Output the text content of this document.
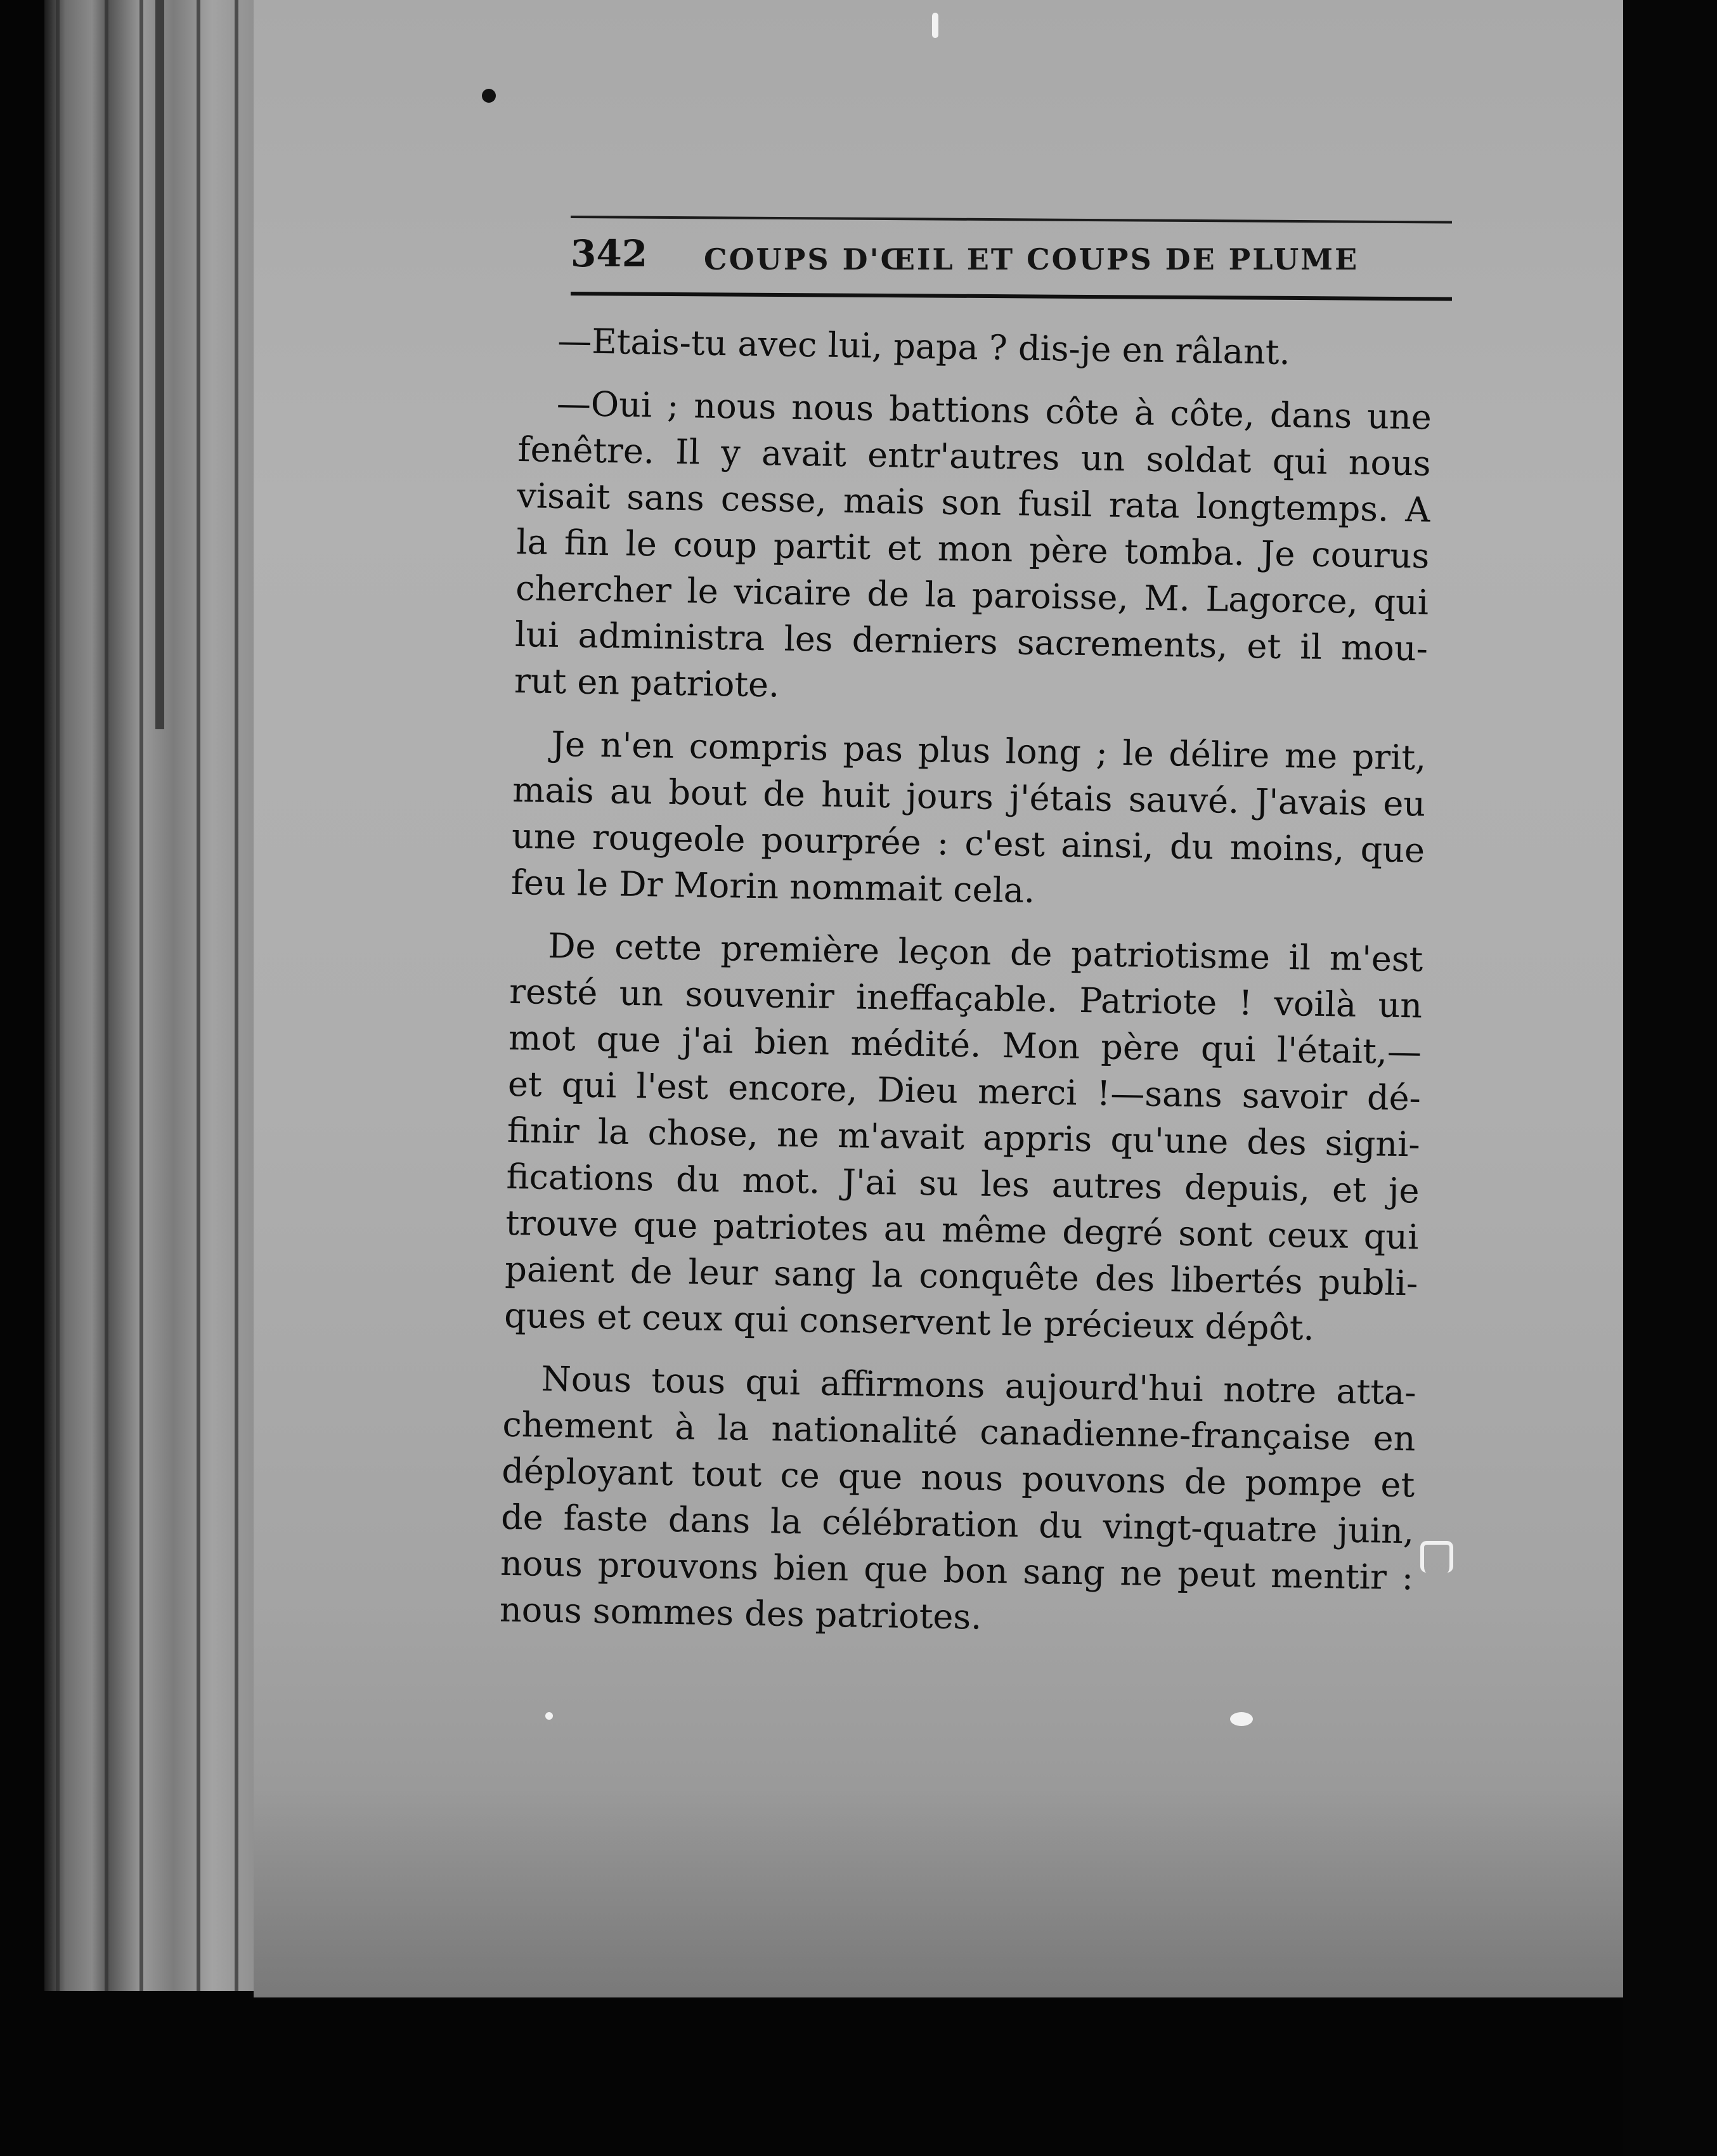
342 COUPS D'ŒIL ET COUPS DE PLUME

—Etais-tu avec lui, papa ? dis-je en râlant.

—Oui ; nous nous battions côte à côte, dans une
fenêtre. Il y avait entr'autres un soldat qui nous
visait sans cesse, mais son fusil rata longtemps. A
la fin le coup partit et mon père tomba. Je courus
chercher le vicaire de la paroisse, M. Lagorce, qui
lui administra les derniers sacrements, et il mou-
rut en patriote.

Je n'en compris pas plus long ; le délire me prit,
mais au bout de huit jours j'étais sauvé. J'avais eu
une rougeole pourprée : c'est ainsi, du moins, que
feu le Dr Morin nommait cela.

De cette première leçon de patriotisme il m'est
resté un souvenir ineffaçable. Patriote ! voilà un
mot que j'ai bien médité. Mon père qui l'était,—
et qui l'est encore, Dieu merci !—sans savoir dé-
finir la chose, ne m'avait appris qu'une des signi-
fications du mot. J'ai su les autres depuis, et je
trouve que patriotes au même degré sont ceux qui
paient de leur sang la conquête des libertés publi-
ques et ceux qui conservent le précieux dépôt.

Nous tous qui affirmons aujourd'hui notre atta-
chement à la nationalité canadienne-française en
déployant tout ce que nous pouvons de pompe et
de faste dans la célébration du vingt-quatre juin,
nous prouvons bien que bon sang ne peut mentir :
nous sommes des patriotes.
